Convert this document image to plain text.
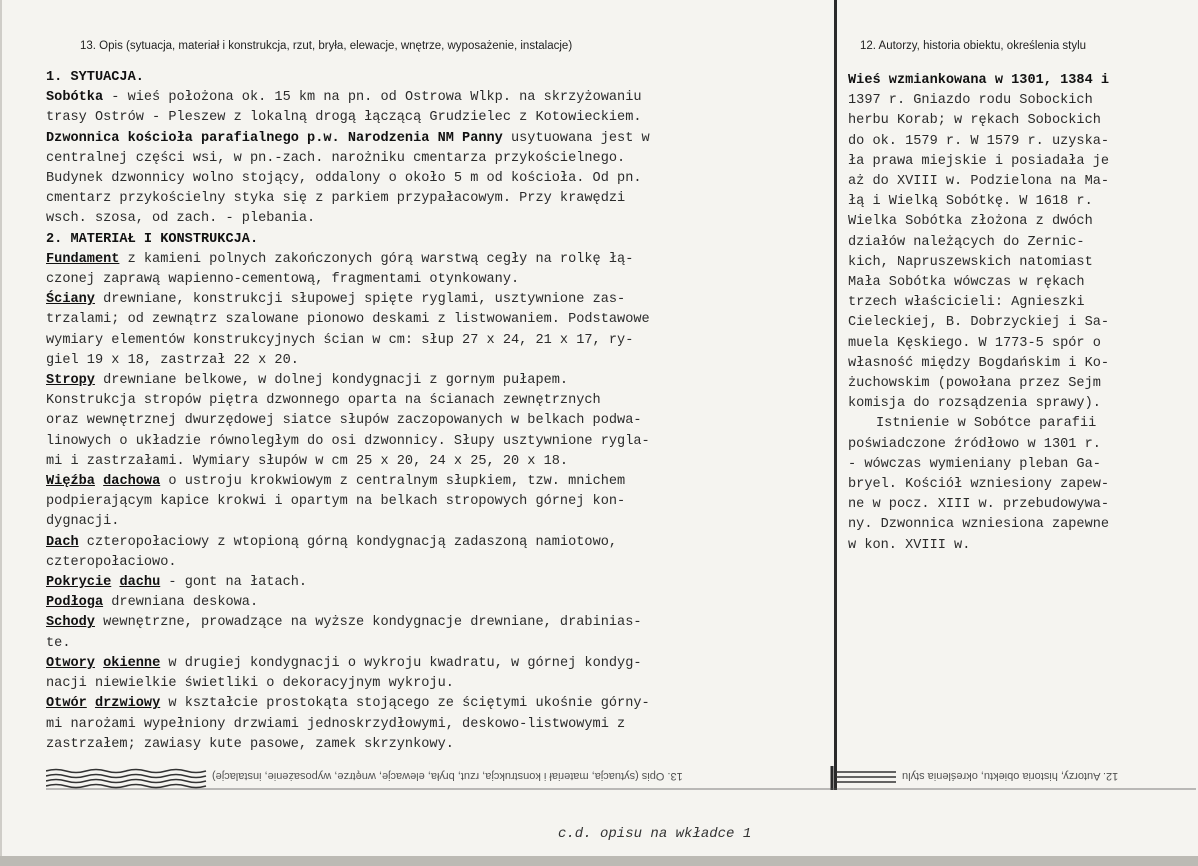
13. Opis (sytuacja, materiał i konstrukcja, rzut, bryła, elewacje, wnętrze, wyposażenie, instalacje)	12. Autorzy, historia obiektu, określenia stylu
1. SYTUACJA.
Sobótka - wieś położona ok. 15 km na pn. od Ostrowa Wlkp. na skrzyżowaniu
trasy Ostrów - Pleszew z lokalną drogą łączącą Grudzielec z Kotowieckiem.
Dzwonnica kościoła parafialnego p.w. Narodzenia NM Panny usytuowana jest w
centralnej części wsi, w pn.-zach. narożniku cmentarza przykościelnego.
Budynek dzwonnicy wolno stojący, oddalony o około 5 m od kościoła. Od pn.
cmentarz przykościelny styka się z parkiem przypałacowym. Przy krawędzi
wsch. szosa, od zach. - plebania.
2. MATERIAŁ I KONSTRUKCJA.
Fundament z kamieni polnych zakończonych górą warstwą cegły na rolkę łą-
czonej zaprawą wapienno-cementową, fragmentami otynkowany.
Ściany drewniane, konstrukcji słupowej spięte ryglami, usztywnione zas-
trzalami; od zewnątrz szalowane pionowo deskami z listwowaniem. Podstawowe
wymiary elementów konstrukcyjnych ścian w cm: słup 27 x 24, 21 x 17, ry-
giel 19 x 18, zastrzał 22 x 20.
Stropy drewniane belkowe, w dolnej kondygnacji z gornym pułapem.
Konstrukcja stropów piętra dzwonnego oparta na ścianach zewnętrznych
oraz wewnętrznej dwurzędowej siatce słupów zaczopowanych w belkach podwa-
linowych o układzie równoległym do osi dzwonnicy. Słupy usztywnione rygla-
mi i zastrzałami. Wymiary słupów w cm 25 x 20, 24 x 25, 20 x 18.
Więźba dachowa o ustroju krokwiowym z centralnym słupkiem, tzw. mnichem
podpierającym kapice krokwi i opartym na belkach stropowych górnej kon-
dygnacji.
Dach czteropołaciowy z wtopioną górną kondygnacją zadaszoną namiotowo,
czteropołaciowo.
Pokrycie dachu - gont na łatach.
Podłoga drewniana deskowa.
Schody wewnętrzne, prowadzące na wyższe kondygnacje drewniane, drabinias-
te.
Otwory okienne w drugiej kondygnacji o wykroju kwadratu, w górnej kondyg-
nacji niewielkie świetliki o dekoracyjnym wykroju.
Otwór drzwiowy w kształcie prostokąta stojącego ze ściętymi ukośnie górny-
mi narożami wypełniony drzwiami jednoskrzydłowymi, deskowo-listwowymi z
zastrzałem; zawiasy kute pasowe, zamek skrzynkowy.
Wieś wzmiankowana w 1301, 1384 i
1397 r. Gniazdo rodu Sobockich
herbu Korab; w rękach Sobockich
do ok. 1579 r. W 1579 r. uzyska-
ła prawa miejskie i posiadała je
aż do XVIII w. Podzielona na Ma-
łą i Wielką Sobótkę. W 1618 r.
Wielka Sobótka złożona z dwóch
działów należących do Zernic-
kich, Napruszewskich natomiast
Mała Sobótka wówczas w rękach
trzech właścicieli: Agnieszki
Cieleckiej, B. Dobrzyckiej i Sa-
muela Kęskiego. W 1773-5 spór o
własność między Bogdańskim i Ko-
żuchowskim (powołana przez Sejm
komisja do rozsądzenia sprawy).
Istnienie w Sobótce parafii
poświadczone źródłowo w 1301 r.
- wówczas wymieniany pleban Ga-
bryel. Kościół wzniesiony zapew-
ne w pocz. XIII w. przebudowywa-
ny. Dzwonnica wzniesiona zapewne
w kon. XVIII w.
13. Opis (sytuacja, materiał i konstrukcja, rzut, bryła, elewacje, wnętrze, wyposażenie, instalacje)	12. Autorzy, historia obiektu, określenia stylu
c.d. opisu na wkładce 1
